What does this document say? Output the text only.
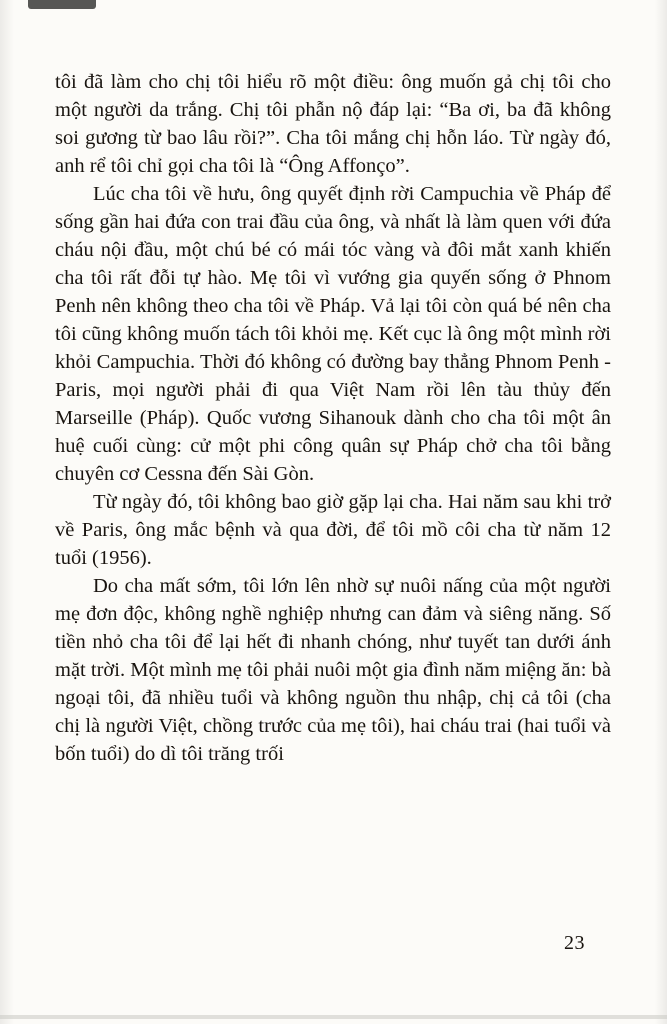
tôi đã làm cho chị tôi hiểu rõ một điều: ông muốn gả chị tôi cho một người da trắng. Chị tôi phẫn nộ đáp lại: “Ba ơi, ba đã không soi gương từ bao lâu rồi?”. Cha tôi mắng chị hỗn láo. Từ ngày đó, anh rể tôi chỉ gọi cha tôi là “Ông Affonço”.

Lúc cha tôi về hưu, ông quyết định rời Campuchia về Pháp để sống gần hai đứa con trai đầu của ông, và nhất là làm quen với đứa cháu nội đầu, một chú bé có mái tóc vàng và đôi mắt xanh khiến cha tôi rất đỗi tự hào. Mẹ tôi vì vướng gia quyến sống ở Phnom Penh nên không theo cha tôi về Pháp. Vả lại tôi còn quá bé nên cha tôi cũng không muốn tách tôi khỏi mẹ. Kết cục là ông một mình rời khỏi Campuchia. Thời đó không có đường bay thẳng Phnom Penh - Paris, mọi người phải đi qua Việt Nam rồi lên tàu thủy đến Marseille (Pháp). Quốc vương Sihanouk dành cho cha tôi một ân huệ cuối cùng: cử một phi công quân sự Pháp chở cha tôi bằng chuyên cơ Cessna đến Sài Gòn.

Từ ngày đó, tôi không bao giờ gặp lại cha. Hai năm sau khi trở về Paris, ông mắc bệnh và qua đời, để tôi mồ côi cha từ năm 12 tuổi (1956).

Do cha mất sớm, tôi lớn lên nhờ sự nuôi nấng của một người mẹ đơn độc, không nghề nghiệp nhưng can đảm và siêng năng. Số tiền nhỏ cha tôi để lại hết đi nhanh chóng, như tuyết tan dưới ánh mặt trời. Một mình mẹ tôi phải nuôi một gia đình năm miệng ăn: bà ngoại tôi, đã nhiều tuổi và không nguồn thu nhập, chị cả tôi (cha chị là người Việt, chồng trước của mẹ tôi), hai cháu trai (hai tuổi và bốn tuổi) do dì tôi trăng trối

23
